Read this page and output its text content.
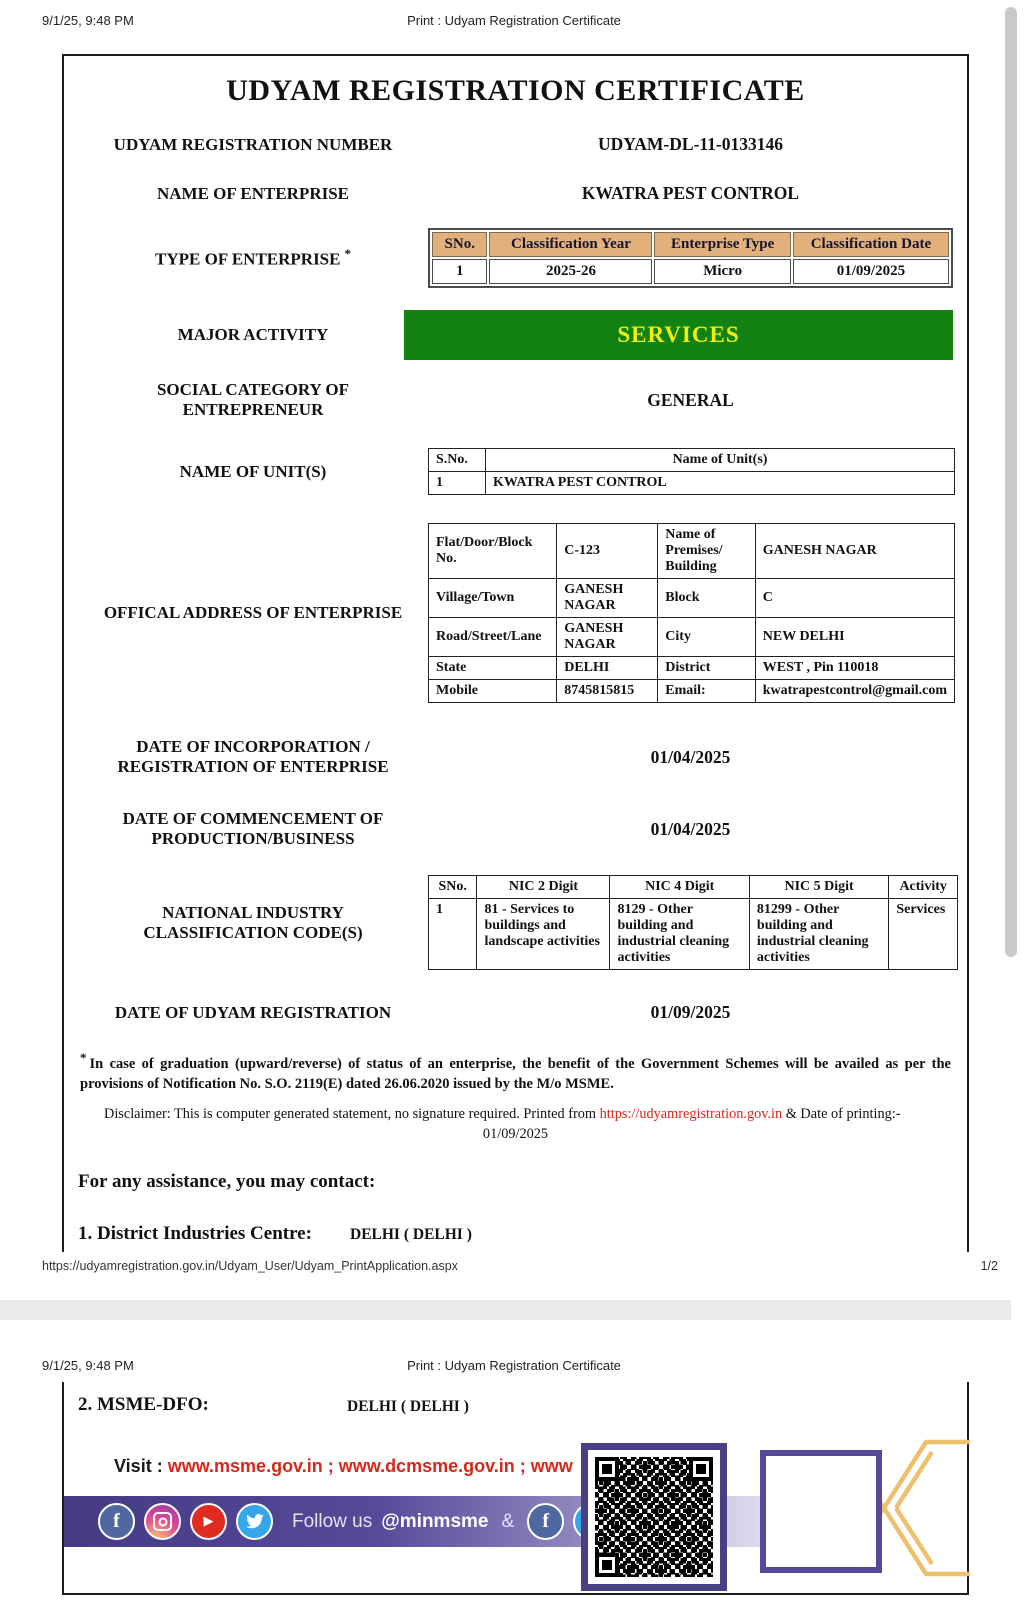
9/1/25, 9:48 PM	Print : Udyam Registration Certificate
UDYAM REGISTRATION CERTIFICATE
UDYAM REGISTRATION NUMBER	UDYAM-DL-11-0133146
NAME OF ENTERPRISE	KWATRA PEST CONTROL
TYPE OF ENTERPRISE *
SNo.	Classification Year	Enterprise Type	Classification Date
1	2025-26	Micro	01/09/2025
MAJOR ACTIVITY	SERVICES
SOCIAL CATEGORY OF ENTREPRENEUR	GENERAL
NAME OF UNIT(S)
S.No.	Name of Unit(s)
1	KWATRA PEST CONTROL
OFFICAL ADDRESS OF ENTERPRISE
Flat/Door/Block No.	C-123	Name of Premises/ Building	GANESH NAGAR
Village/Town	GANESH NAGAR	Block	C
Road/Street/Lane	GANESH NAGAR	City	NEW DELHI
State	DELHI	District	WEST , Pin 110018
Mobile	8745815815	Email:	kwatrapestcontrol@gmail.com
DATE OF INCORPORATION / REGISTRATION OF ENTERPRISE	01/04/2025
DATE OF COMMENCEMENT OF PRODUCTION/BUSINESS	01/04/2025
NATIONAL INDUSTRY CLASSIFICATION CODE(S)
SNo.	NIC 2 Digit	NIC 4 Digit	NIC 5 Digit	Activity
1	81 - Services to buildings and landscape activities	8129 - Other building and industrial cleaning activities	81299 - Other building and industrial cleaning activities	Services
DATE OF UDYAM REGISTRATION	01/09/2025
* In case of graduation (upward/reverse) of status of an enterprise, the benefit of the Government Schemes will be availed as per the provisions of Notification No. S.O. 2119(E) dated 26.06.2020 issued by the M/o MSME.
Disclaimer: This is computer generated statement, no signature required. Printed from https://udyamregistration.gov.in & Date of printing:-
01/09/2025
For any assistance, you may contact:
1. District Industries Centre:	DELHI ( DELHI )
https://udyamregistration.gov.in/Udyam_User/Udyam_PrintApplication.aspx	1/2
9/1/25, 9:48 PM	Print : Udyam Registration Certificate
2. MSME-DFO:	DELHI ( DELHI )
Visit : www.msme.gov.in ; www.dcmsme.gov.in ; www
f	▶	Follow us @minmsme &	f
